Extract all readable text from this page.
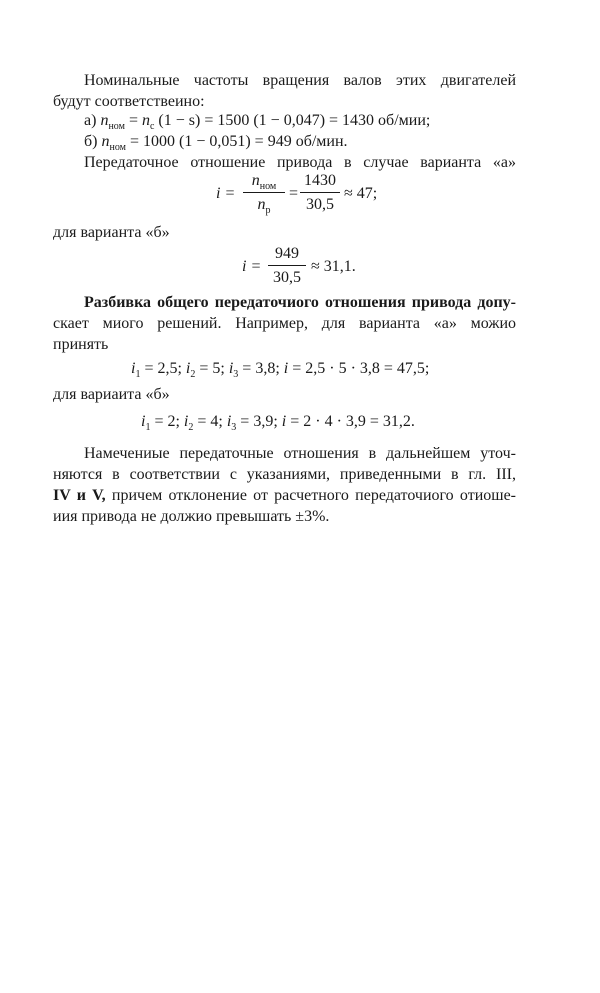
Номинальные частоты вращения валов этих двигателей
будут соответствеино:
а) $n_{ном} = n_с$ (1 − s) = 1500 (1 − 0,047) = 1430 об/мии;
б) $n_{ном} = 1000$ (1 − 0,051) = 949 об/мин.
Передаточное отношение привода в случае варианта «а»
i =
$n_{ном}$
$n_р$
=
1430
30,5
≈ 47;
для варианта «б»
i =
949
30,5
≈ 31,1.
Разбивка общего передаточиого отношения привода допу-
скает миого решений. Например, для варианта «а» можио
принять
$i_1 = 2,5$; $i_2 = 5$; $i_3 = 3,8$; i = 2,5 · 5 · 3,8 = 47,5;
для вариаита «б»
$i_1 = 2$; $i_2 = 4$; $i_3 = 3,9$; i = 2 · 4 · 3,9 = 31,2.
Намечениые передаточные отношения в дальнейшем уточ-
няются в соответствии с указаниями, приведенными в гл. III,
IV и V, причем отклонение от расчетного передаточиого отиоше-
иия привода не должио превышать ±3%.
